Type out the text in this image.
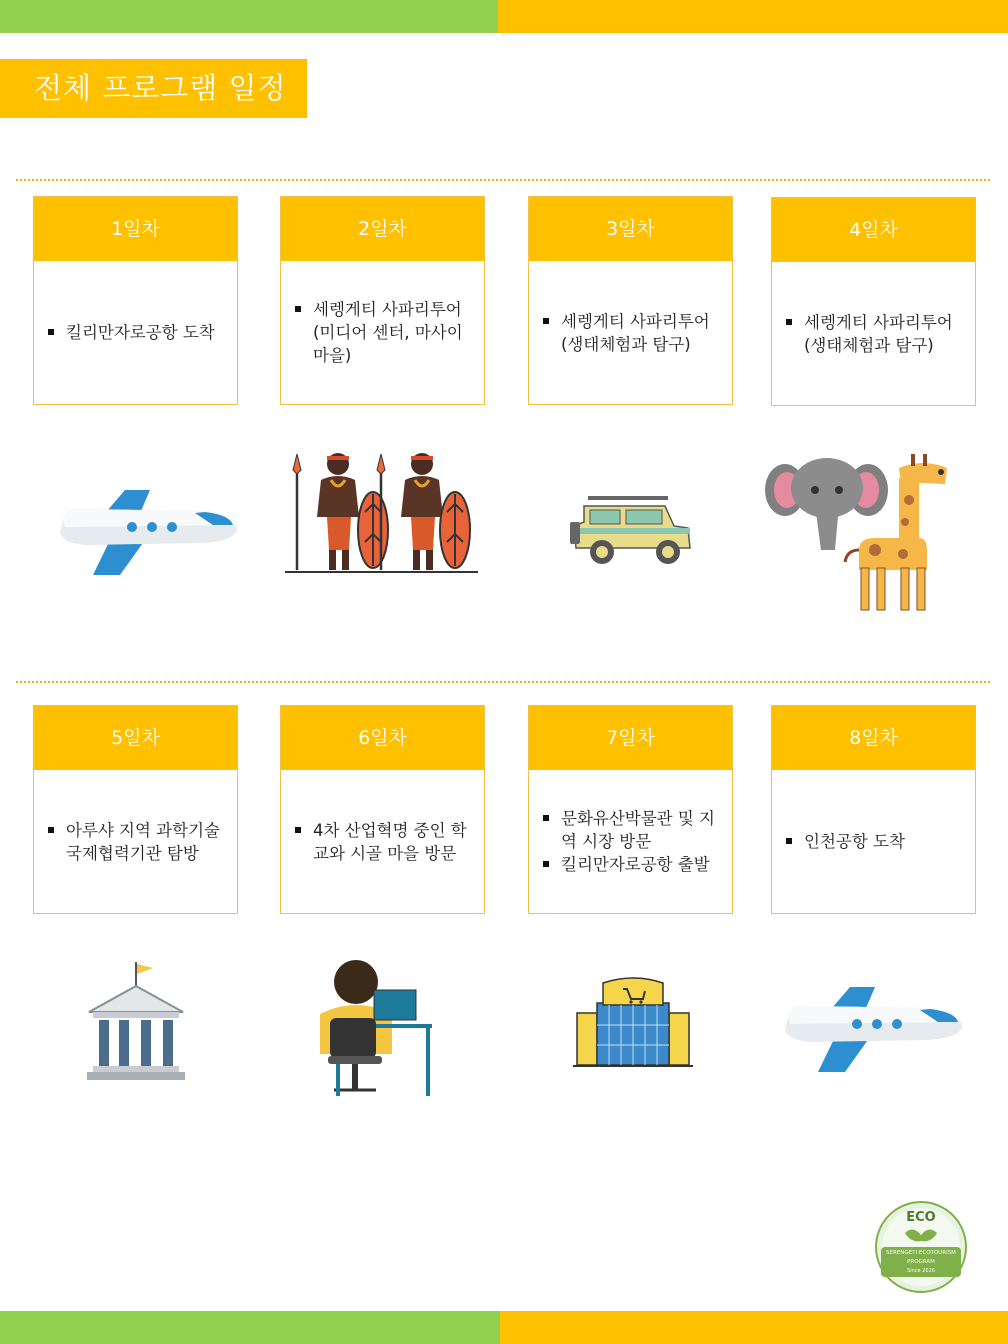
전체 프로그램 일정
1일차
킬리만자로공항 도착
2일차
세렝게티 사파리투어 (미디어 센터, 마사이 마을)
3일차
세렝게티 사파리투어 (생태체험과 탐구)
4일차
세렝게티 사파리투어 (생태체험과 탐구)
5일차
아루샤 지역 과학기술 국제협력기관 탐방
6일차
4차 산업혁명 중인 학교와 시골 마을 방문
7일차
문화유산박물관 및 지역 시장 방문
킬리만자로공항 출발
8일차
인천공항 도착
ECO
SERENGETI ECOTOURISM
PROGRAM
Since 2026
